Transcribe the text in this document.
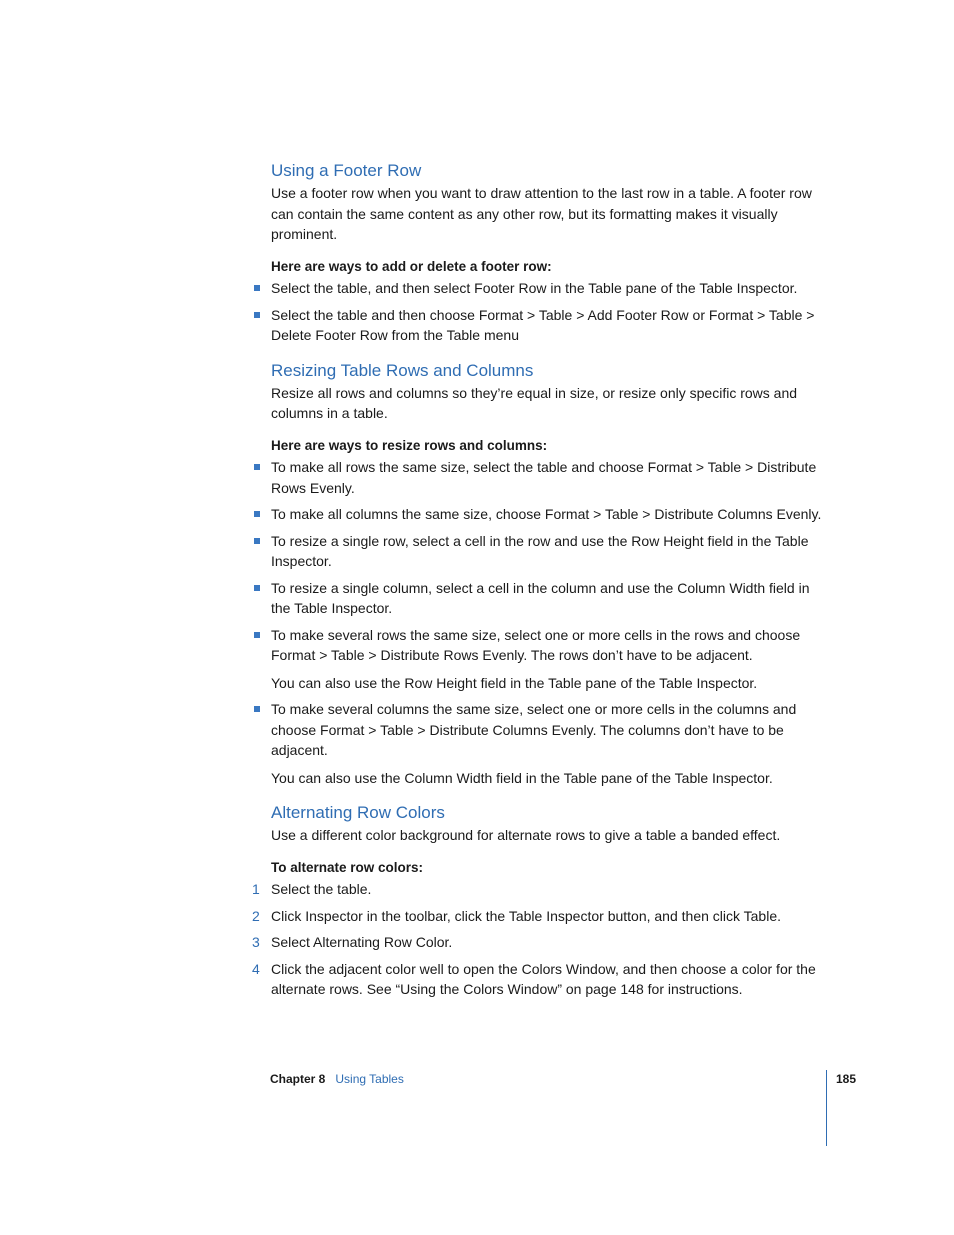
Using a Footer Row

Use a footer row when you want to draw attention to the last row in a table. A footer row can contain the same content as any other row, but its formatting makes it visually prominent.

Here are ways to add or delete a footer row:

Select the table, and then select Footer Row in the Table pane of the Table Inspector.
Select the table and then choose Format > Table > Add Footer Row or Format > Table > Delete Footer Row from the Table menu
Resizing Table Rows and Columns

Resize all rows and columns so they’re equal in size, or resize only specific rows and columns in a table.

Here are ways to resize rows and columns:

To make all rows the same size, select the table and choose Format > Table > Distribute Rows Evenly.
To make all columns the same size, choose Format > Table > Distribute Columns Evenly.
To resize a single row, select a cell in the row and use the Row Height field in the Table Inspector.
To resize a single column, select a cell in the column and use the Column Width field in the Table Inspector.
To make several rows the same size, select one or more cells in the rows and choose Format > Table > Distribute Rows Evenly. The rows don’t have to be adjacent.

You can also use the Row Height field in the Table pane of the Table Inspector.

To make several columns the same size, select one or more cells in the columns and choose Format > Table > Distribute Columns Evenly. The columns don’t have to be adjacent.

You can also use the Column Width field in the Table pane of the Table Inspector.

Alternating Row Colors

Use a different color background for alternate rows to give a table a banded effect.

To alternate row colors:

1 Select the table.
2 Click Inspector in the toolbar, click the Table Inspector button, and then click Table.
3 Select Alternating Row Color.
4 Click the adjacent color well to open the Colors Window, and then choose a color for the alternate rows. See “Using the Colors Window” on page 148 for instructions.
Chapter 8 Using Tables	185
